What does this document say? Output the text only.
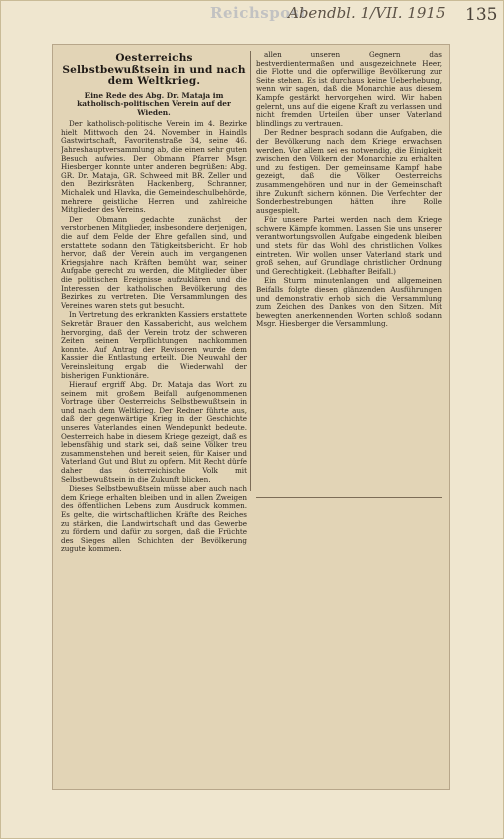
Reichspost
Abendbl. 1/VII. 1915 135
Oesterreichs Selbstbewußtsein in und nach dem Weltkrieg.
Eine Rede des Abg. Dr. Mataja im katholisch-politischen Verein auf der Wieden.

Der katholisch-politische Verein im 4. Bezirke hielt Mittwoch den 24. November in Haindls Gastwirtschaft, Favoritenstraße 34, seine 46. Jahreshauptversammlung ab, die einen sehr guten Besuch aufwies. Der Obmann Pfarrer Msgr. Hiesberger konnte unter anderen begrüßen: Abg. GR. Dr. Mataja, GR. Schweed mit BR. Zeller und den Bezirksräten Hackenberg, Schranner, Michalek und Hlavka, die Gemeindeschulbehörde, mehrere geistliche Herren und zahlreiche Mitglieder des Vereins.

Der Obmann gedachte zunächst der verstorbenen Mitglieder, insbesondere derjenigen, die auf dem Felde der Ehre gefallen sind, und erstattete sodann den Tätigkeitsbericht. Er hob hervor, daß der Verein auch im vergangenen Kriegsjahre nach Kräften bemüht war, seiner Aufgabe gerecht zu werden, die Mitglieder über die politischen Ereignisse aufzuklären und die Interessen der katholischen Bevölkerung des Bezirkes zu vertreten. Die Versammlungen des Vereines waren stets gut besucht.

In Vertretung des erkrankten Kassiers erstattete Sekretär Brauer den Kassabericht, aus welchem hervorging, daß der Verein trotz der schweren Zeiten seinen Verpflichtungen nachkommen konnte. Auf Antrag der Revisoren wurde dem Kassier die Entlastung erteilt. Die Neuwahl der Vereinsleitung ergab die Wiederwahl der bisherigen Funktionäre.

Hierauf ergriff Abg. Dr. Mataja das Wort zu seinem mit großem Beifall aufgenommenen Vortrage über Oesterreichs Selbstbewußtsein in und nach dem Weltkrieg. Der Redner führte aus, daß der gegenwärtige Krieg in der Geschichte unseres Vaterlandes einen Wendepunkt bedeute. Oesterreich habe in diesem Kriege gezeigt, daß es lebensfähig und stark sei, daß seine Völker treu zusammenstehen und bereit seien, für Kaiser und Vaterland Gut und Blut zu opfern. Mit Recht dürfe daher das österreichische Volk mit Selbstbewußtsein in die Zukunft blicken.

Dieses Selbstbewußtsein müsse aber auch nach dem Kriege erhalten bleiben und in allen Zweigen des öffentlichen Lebens zum Ausdruck kommen. Es gelte, die wirtschaftlichen Kräfte des Reiches zu stärken, die Landwirtschaft und das Gewerbe zu fördern und dafür zu sorgen, daß die Früchte des Sieges allen Schichten der Bevölkerung zugute kommen.

allen unseren Gegnern das bestverdientermaßen und ausgezeichnete Heer, die Flotte und die opferwillige Bevölkerung zur Seite stehen. Es ist durchaus keine Ueberhebung, wenn wir sagen, daß die Monarchie aus diesem Kampfe gestärkt hervorgehen wird. Wir haben gelernt, uns auf die eigene Kraft zu verlassen und nicht fremden Urteilen über unser Vaterland blindlings zu vertrauen.

Der Redner besprach sodann die Aufgaben, die der Bevölkerung nach dem Kriege erwachsen werden. Vor allem sei es notwendig, die Einigkeit zwischen den Völkern der Monarchie zu erhalten und zu festigen. Der gemeinsame Kampf habe gezeigt, daß die Völker Oesterreichs zusammengehören und nur in der Gemeinschaft ihre Zukunft sichern können. Die Verfechter der Sonderbestrebungen hätten ihre Rolle ausgespielt.

Für unsere Partei werden nach dem Kriege schwere Kämpfe kommen. Lassen Sie uns unserer verantwortungsvollen Aufgabe eingedenk bleiben und stets für das Wohl des christlichen Volkes eintreten. Wir wollen unser Vaterland stark und groß sehen, auf Grundlage christlicher Ordnung und Gerechtigkeit. (Lebhafter Beifall.)

Ein Sturm minutenlangen und allgemeinen Beifalls folgte diesen glänzenden Ausführungen und demonstrativ erhob sich die Versammlung zum Zeichen des Dankes von den Sitzen. Mit bewegten anerkennenden Worten schloß sodann Msgr. Hiesberger die Versammlung.
